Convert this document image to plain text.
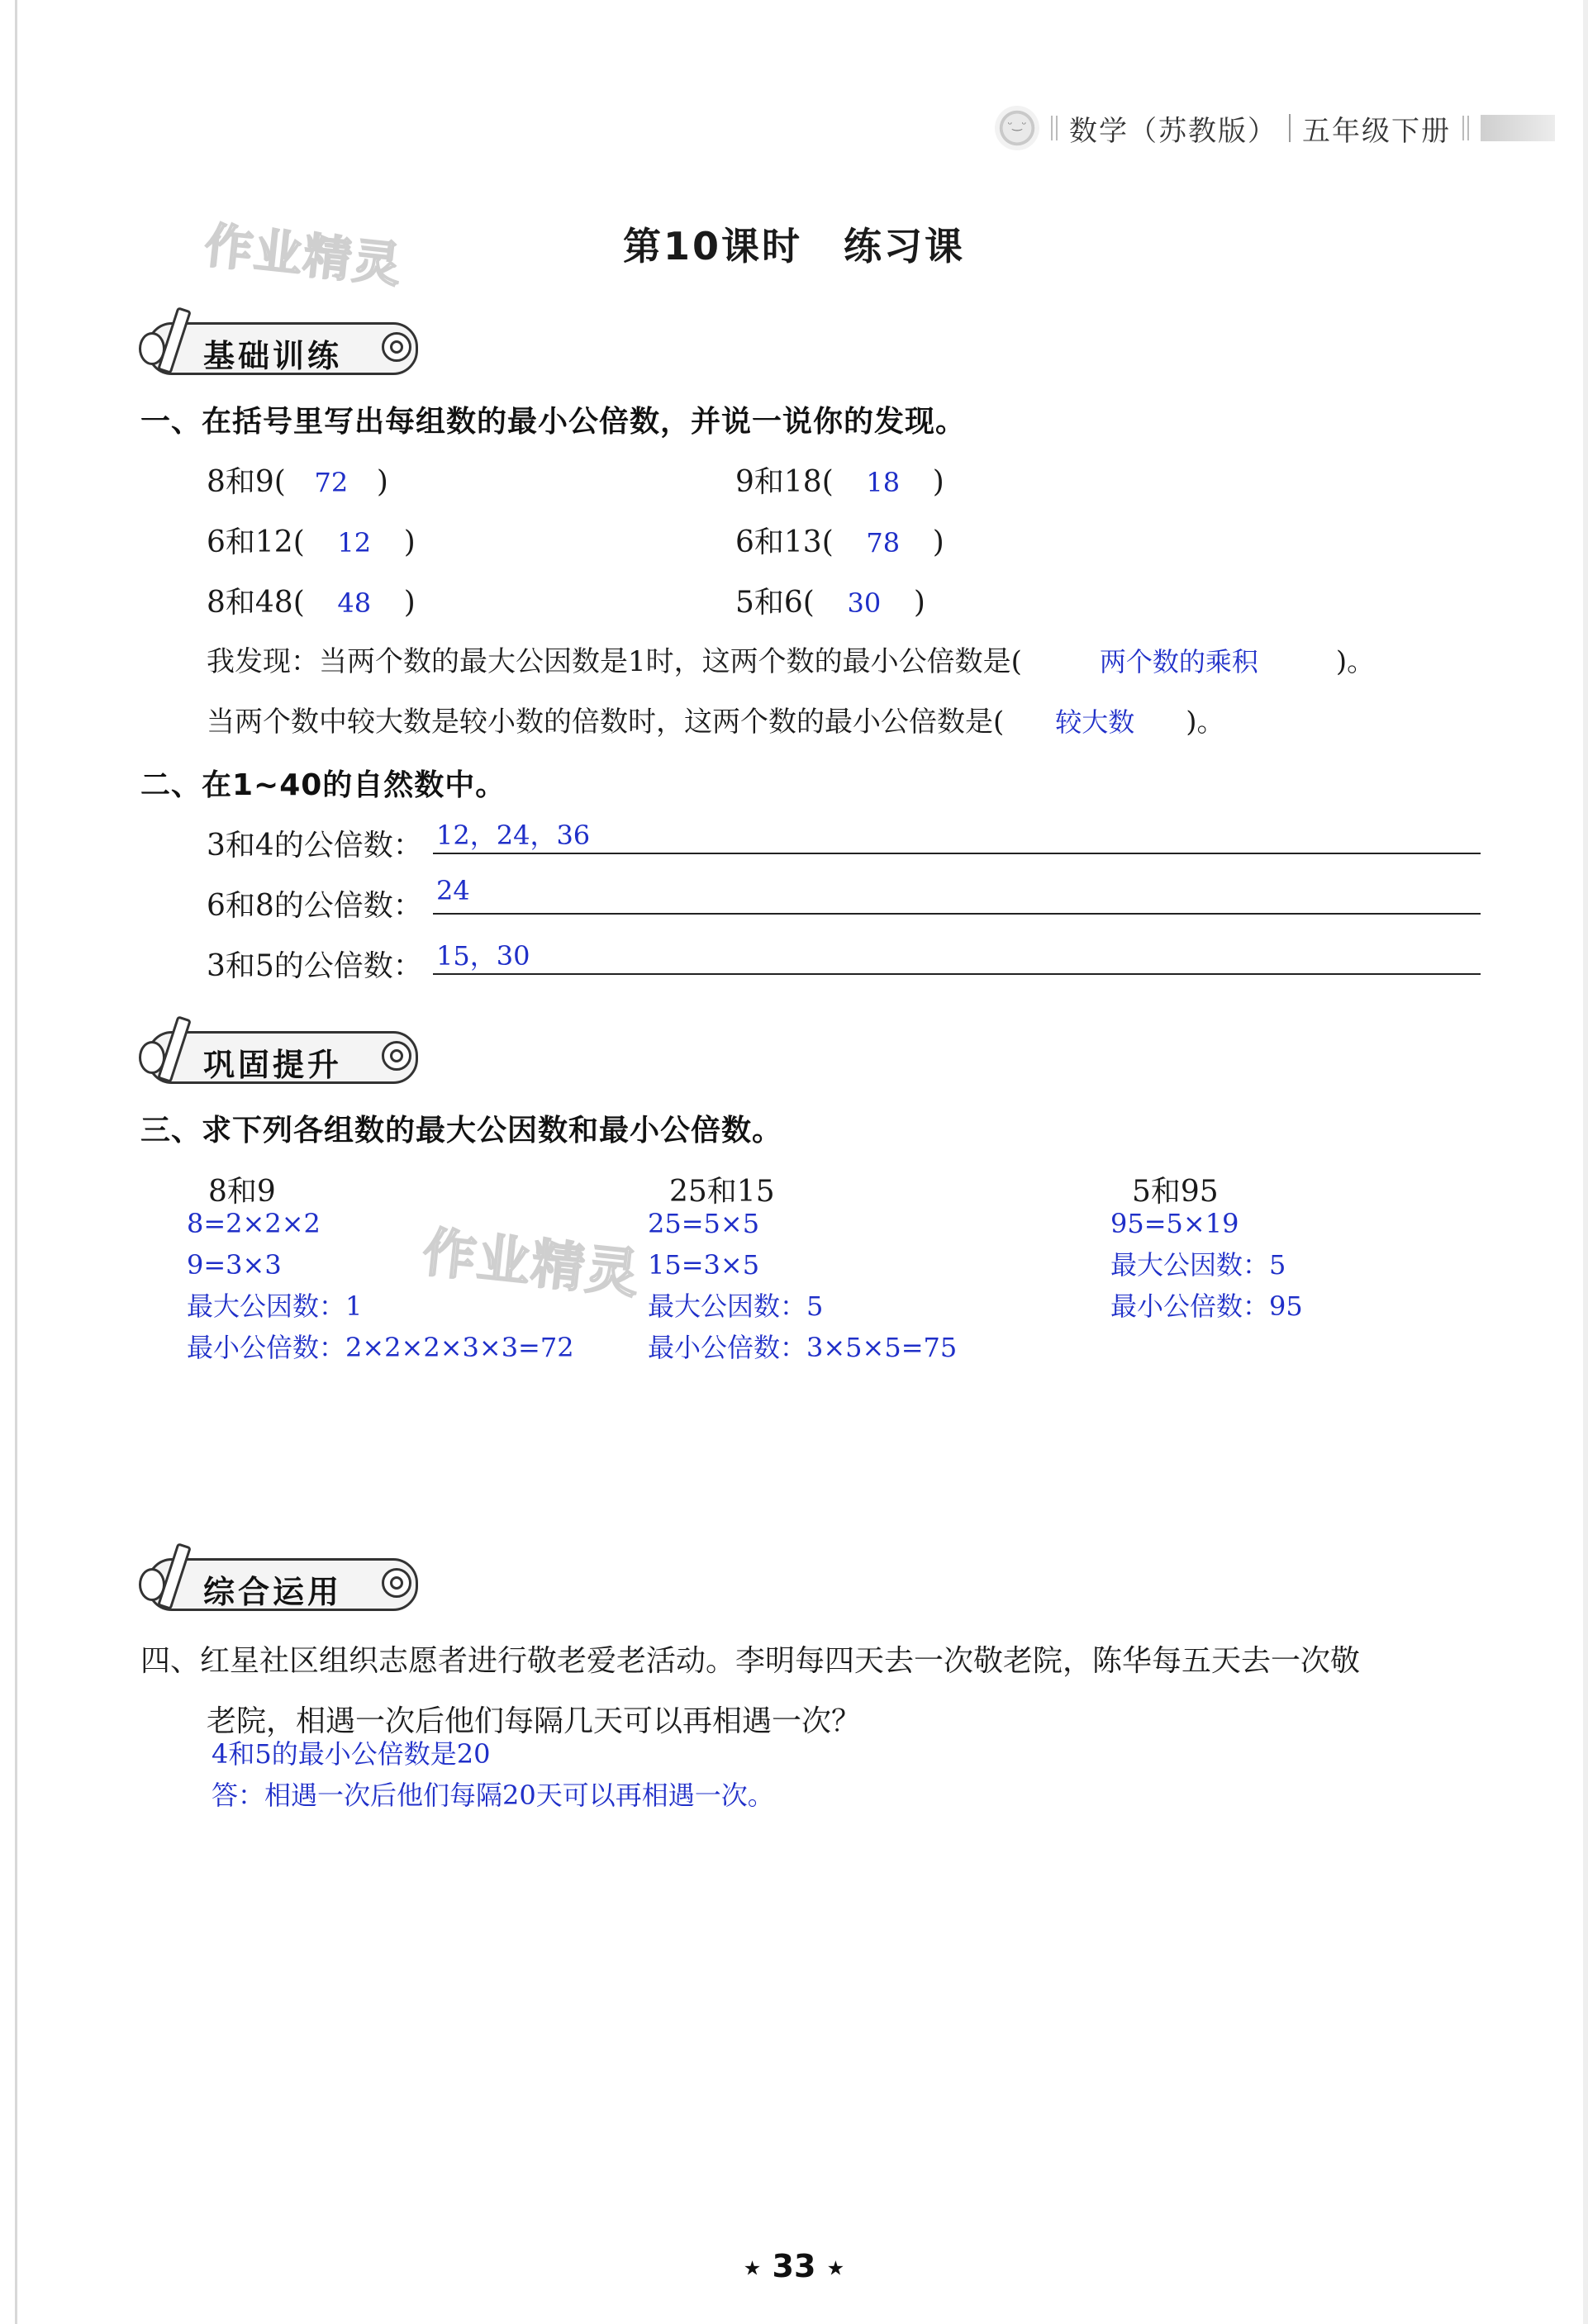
ᵕ‿ᵕ
数学（苏教版） 五年级下册
作业精灵
作业精灵
第10课时 练习课
基础训练
一、在括号里写出每组数的最小公倍数，并说一说你的发现。
8和9( 72 )	9和18( 18 )
6和12( 12 )	6和13( 78 )
8和48( 48 )	5和6( 30 )
我发现：当两个数的最大公因数是1时，这两个数的最小公倍数是(	两个数的乘积	)。
当两个数中较大数是较小数的倍数时，这两个数的最小公倍数是( 较大数 )。
二、在1~40的自然数中。
3和4的公倍数： 12，24，36
6和8的公倍数： 24
3和5的公倍数： 15，30
巩固提升
三、求下列各组数的最大公因数和最小公倍数。
8和9
8=2×2×2
9=3×3
最大公因数：1
最小公倍数：2×2×2×3×3=72
25和15
25=5×5
15=3×5
最大公因数：5
最小公倍数：3×5×5=75
5和95
95=5×19
最大公因数：5
最小公倍数：95
综合运用
四、红星社区组织志愿者进行敬老爱老活动。李明每四天去一次敬老院，陈华每五天去一次敬
老院，相遇一次后他们每隔几天可以再相遇一次？
4和5的最小公倍数是20
答：相遇一次后他们每隔20天可以再相遇一次。
★ 33 ★
